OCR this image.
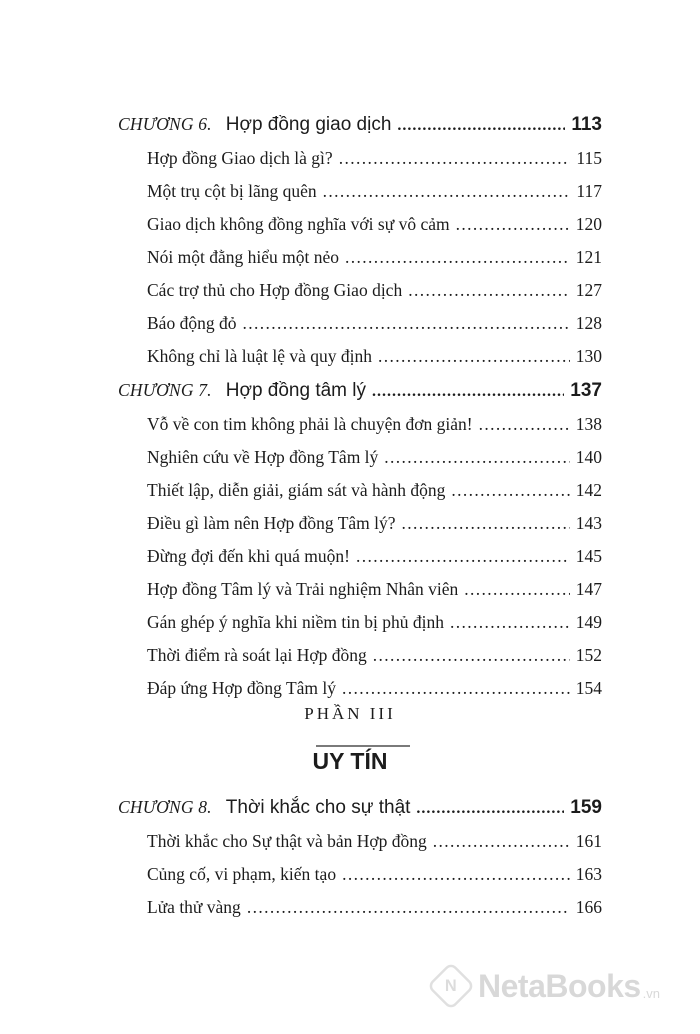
CHƯƠNG 6. Hợp đồng giao dịch . . .	113
Hợp đồng Giao dịch là gì? . . .	115
Một trụ cột bị lãng quên . . .	117
Giao dịch không đồng nghĩa với sự vô cảm . . .	120
Nói một đằng hiểu một nẻo . . .	121
Các trợ thủ cho Hợp đồng Giao dịch . . .	127
Báo động đỏ . . .	128
Không chỉ là luật lệ và quy định . . .	130
CHƯƠNG 7. Hợp đồng tâm lý . . .	137
Vỗ về con tim không phải là chuyện đơn giản! . . .	138
Nghiên cứu về Hợp đồng Tâm lý . . .	140
Thiết lập, diễn giải, giám sát và hành động . . .	142
Điều gì làm nên Hợp đồng Tâm lý? . . .	143
Đừng đợi đến khi quá muộn! . . .	145
Hợp đồng Tâm lý và Trải nghiệm Nhân viên . . .	147
Gán ghép ý nghĩa khi niềm tin bị phủ định . . .	149
Thời điểm rà soát lại Hợp đồng . . .	152
Đáp ứng Hợp đồng Tâm lý . . .	154
PHẦN III
UY TÍN
CHƯƠNG 8. Thời khắc cho sự thật . . .	159
Thời khắc cho Sự thật và bản Hợp đồng . . .	161
Củng cố, vi phạm, kiến tạo . . .	163
Lửa thử vàng . . .	166
N NetaBooks .vn
